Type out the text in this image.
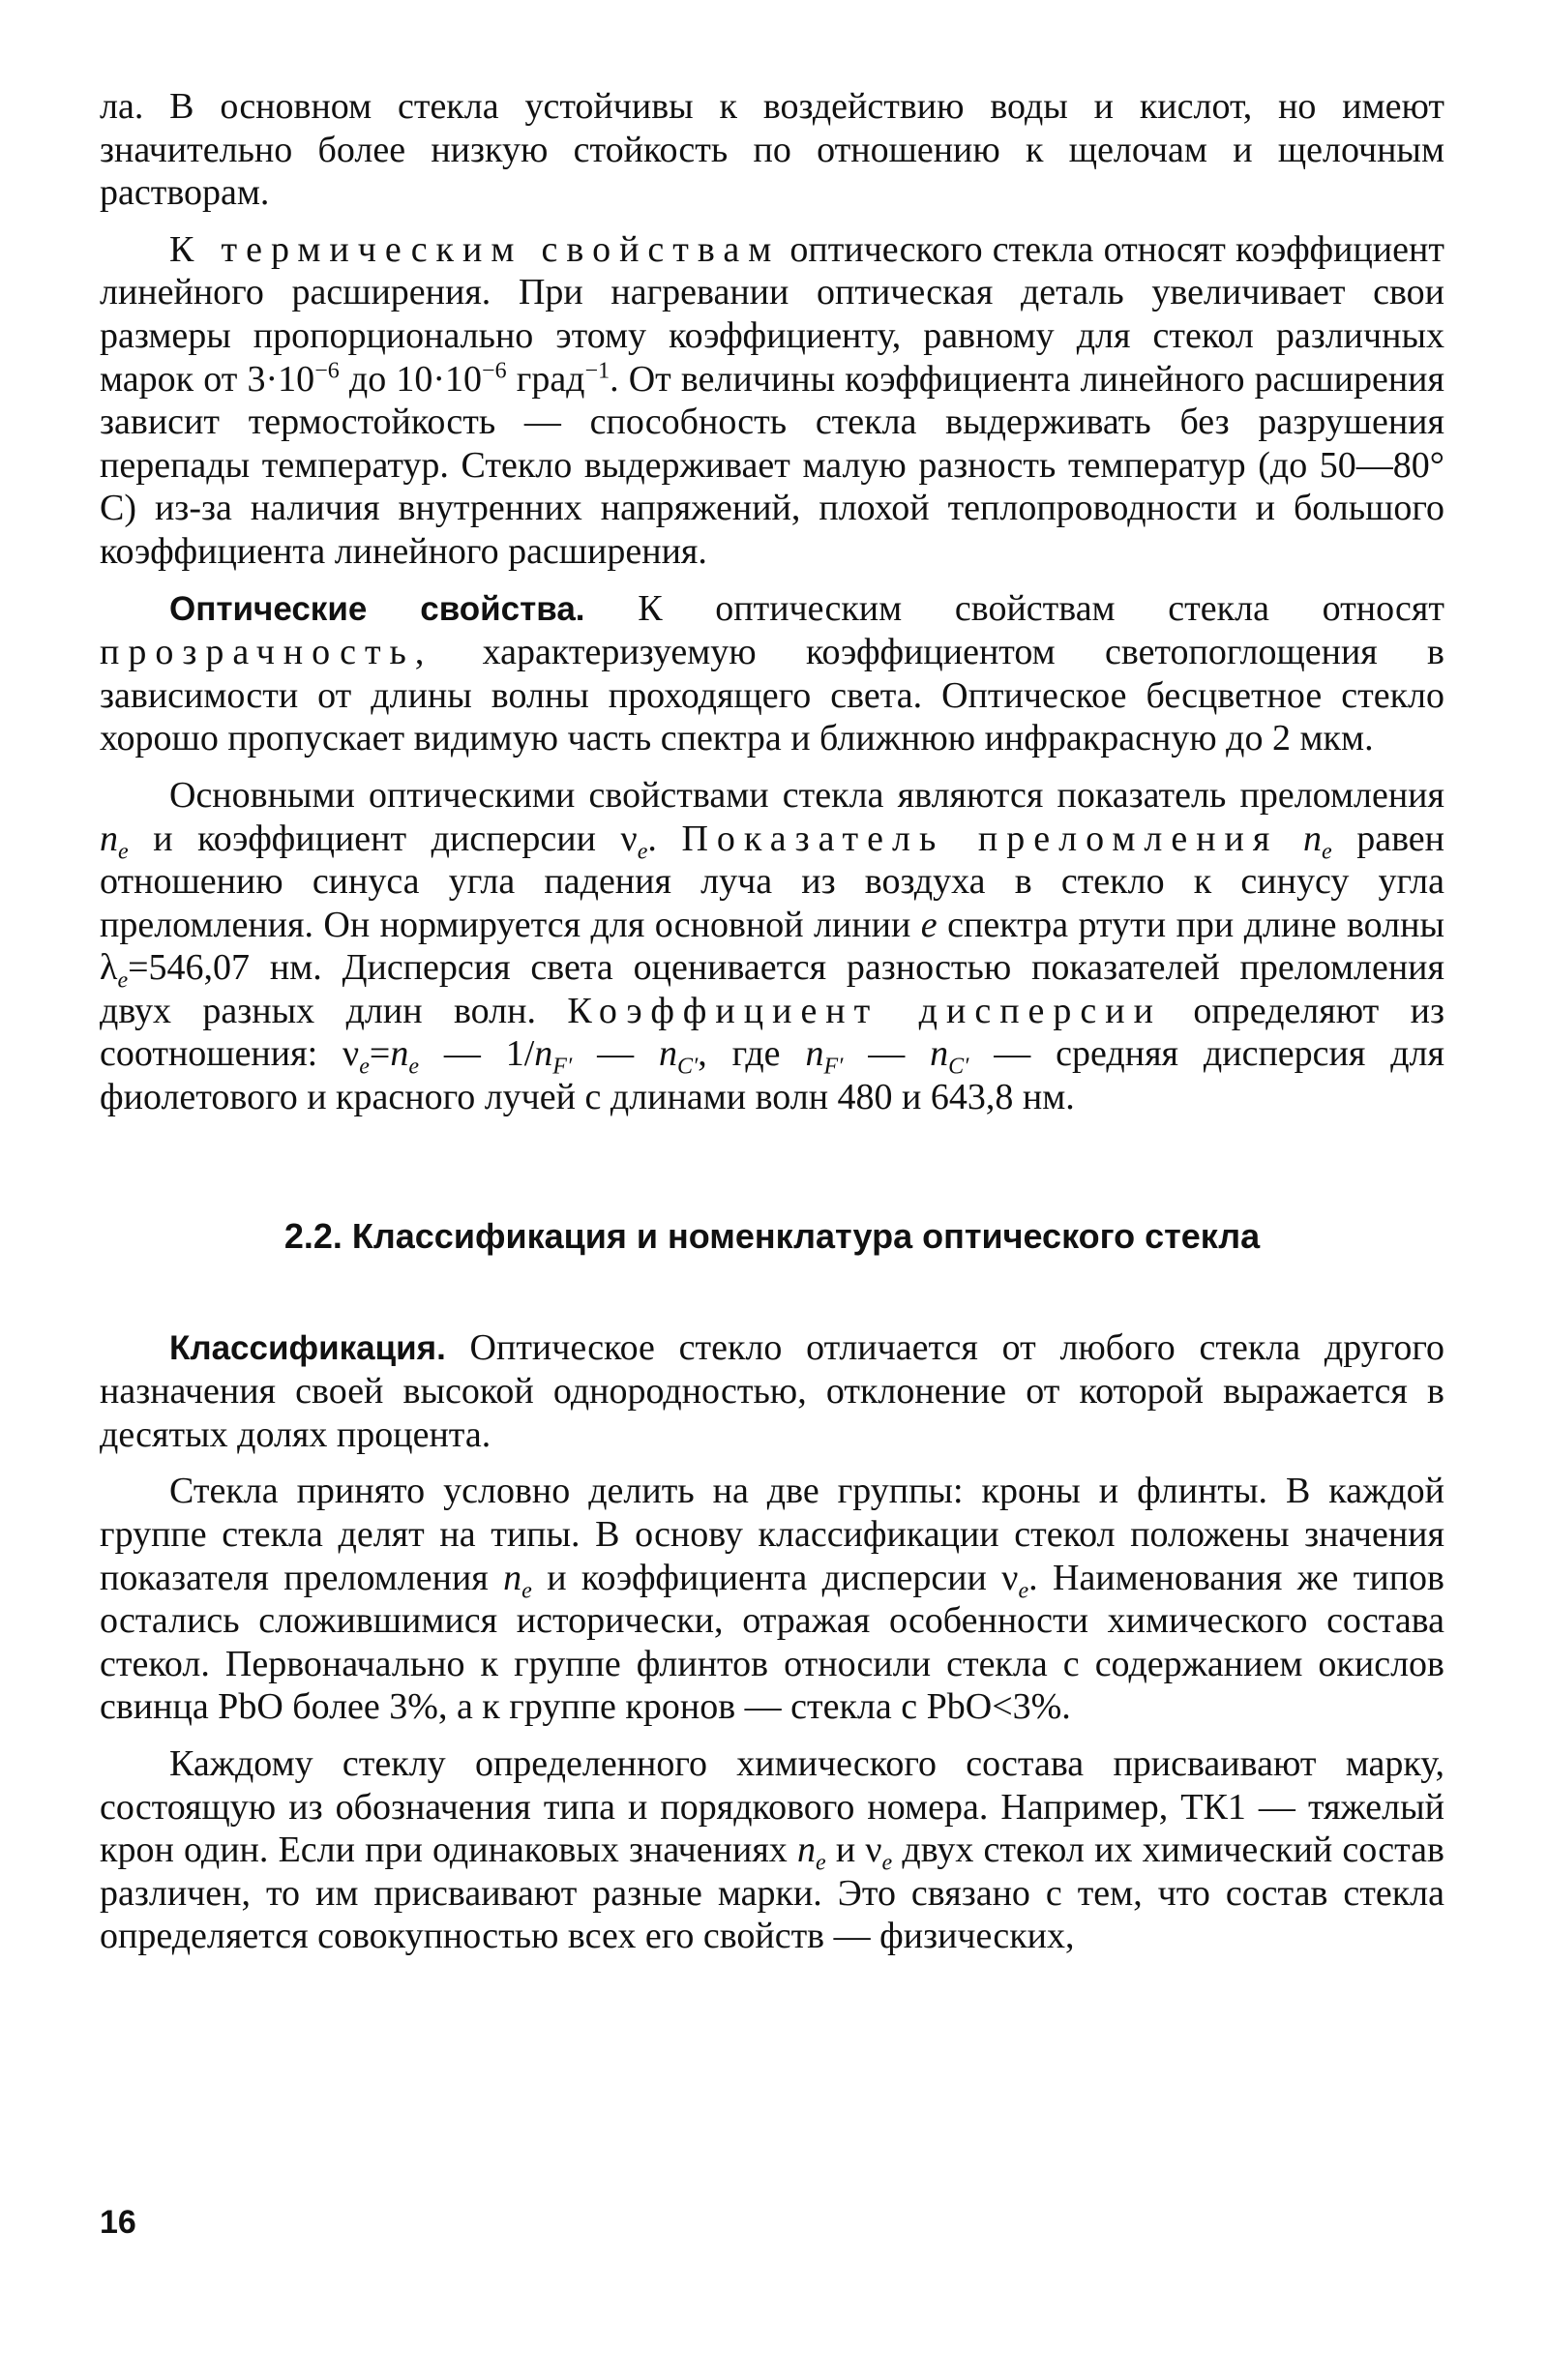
ла. В основном стекла устойчивы к воздействию воды и кислот, но имеют значительно более низкую стойкость по отношению к щелочам и щелочным растворам.

К термическим свойствам оптического стекла относят коэффициент линейного расширения. При нагревании оптическая деталь увеличивает свои размеры пропорционально этому коэффициенту, равному для стекол различных марок от $3\cdot 10^{-6}$ до $10\cdot 10^{-6}$ град$^{-1}$. От величины коэффициента линейного расширения зависит термостойкость — способность стекла выдерживать без разрушения перепады температур. Стекло выдерживает малую разность температур (до 50—80° С) из-за наличия внутренних напряжений, плохой теплопроводности и большого коэффициента линейного расширения.

Оптические свойства. К оптическим свойствам стекла относят прозрачность, характеризуемую коэффициентом светопоглощения в зависимости от длины волны проходящего света. Оптическое бесцветное стекло хорошо пропускает видимую часть спектра и ближнюю инфракрасную до 2 мкм.

Основными оптическими свойствами стекла являются показатель преломления $n_e$ и коэффициент дисперсии $\nu_e$. Показатель преломления $n_e$ равен отношению синуса угла падения луча из воздуха в стекло к синусу угла преломления. Он нормируется для основной линии e спектра ртути при длине волны $\lambda_e=546,07$ нм. Дисперсия света оценивается разностью показателей преломления двух разных длин волн. Коэффициент дисперсии определяют из соотношения: $\nu_e=n_e$ — $1/n_{F'}$ — $n_{C'}$, где $n_{F'}$ — $n_{C'}$ — средняя дисперсия для фиолетового и красного лучей с длинами волн 480 и 643,8 нм.

2.2. Классификация и номенклатура оптического стекла

Классификация. Оптическое стекло отличается от любого стекла другого назначения своей высокой однородностью, отклонение от которой выражается в десятых долях процента.

Стекла принято условно делить на две группы: кроны и флинты. В каждой группе стекла делят на типы. В основу классификации стекол положены значения показателя преломления $n_e$ и коэффициента дисперсии $\nu_e$. Наименования же типов остались сложившимися исторически, отражая особенности химического состава стекол. Первоначально к группе флинтов относили стекла с содержанием окислов свинца PbO более 3%, а к группе кронов — стекла с PbO<3%.

Каждому стеклу определенного химического состава присваивают марку, состоящую из обозначения типа и порядкового номера. Например, ТК1 — тяжелый крон один. Если при одинаковых значениях $n_e$ и $\nu_e$ двух стекол их химический состав различен, то им присваивают разные марки. Это связано с тем, что состав стекла определяется совокупностью всех его свойств — физических,

16
